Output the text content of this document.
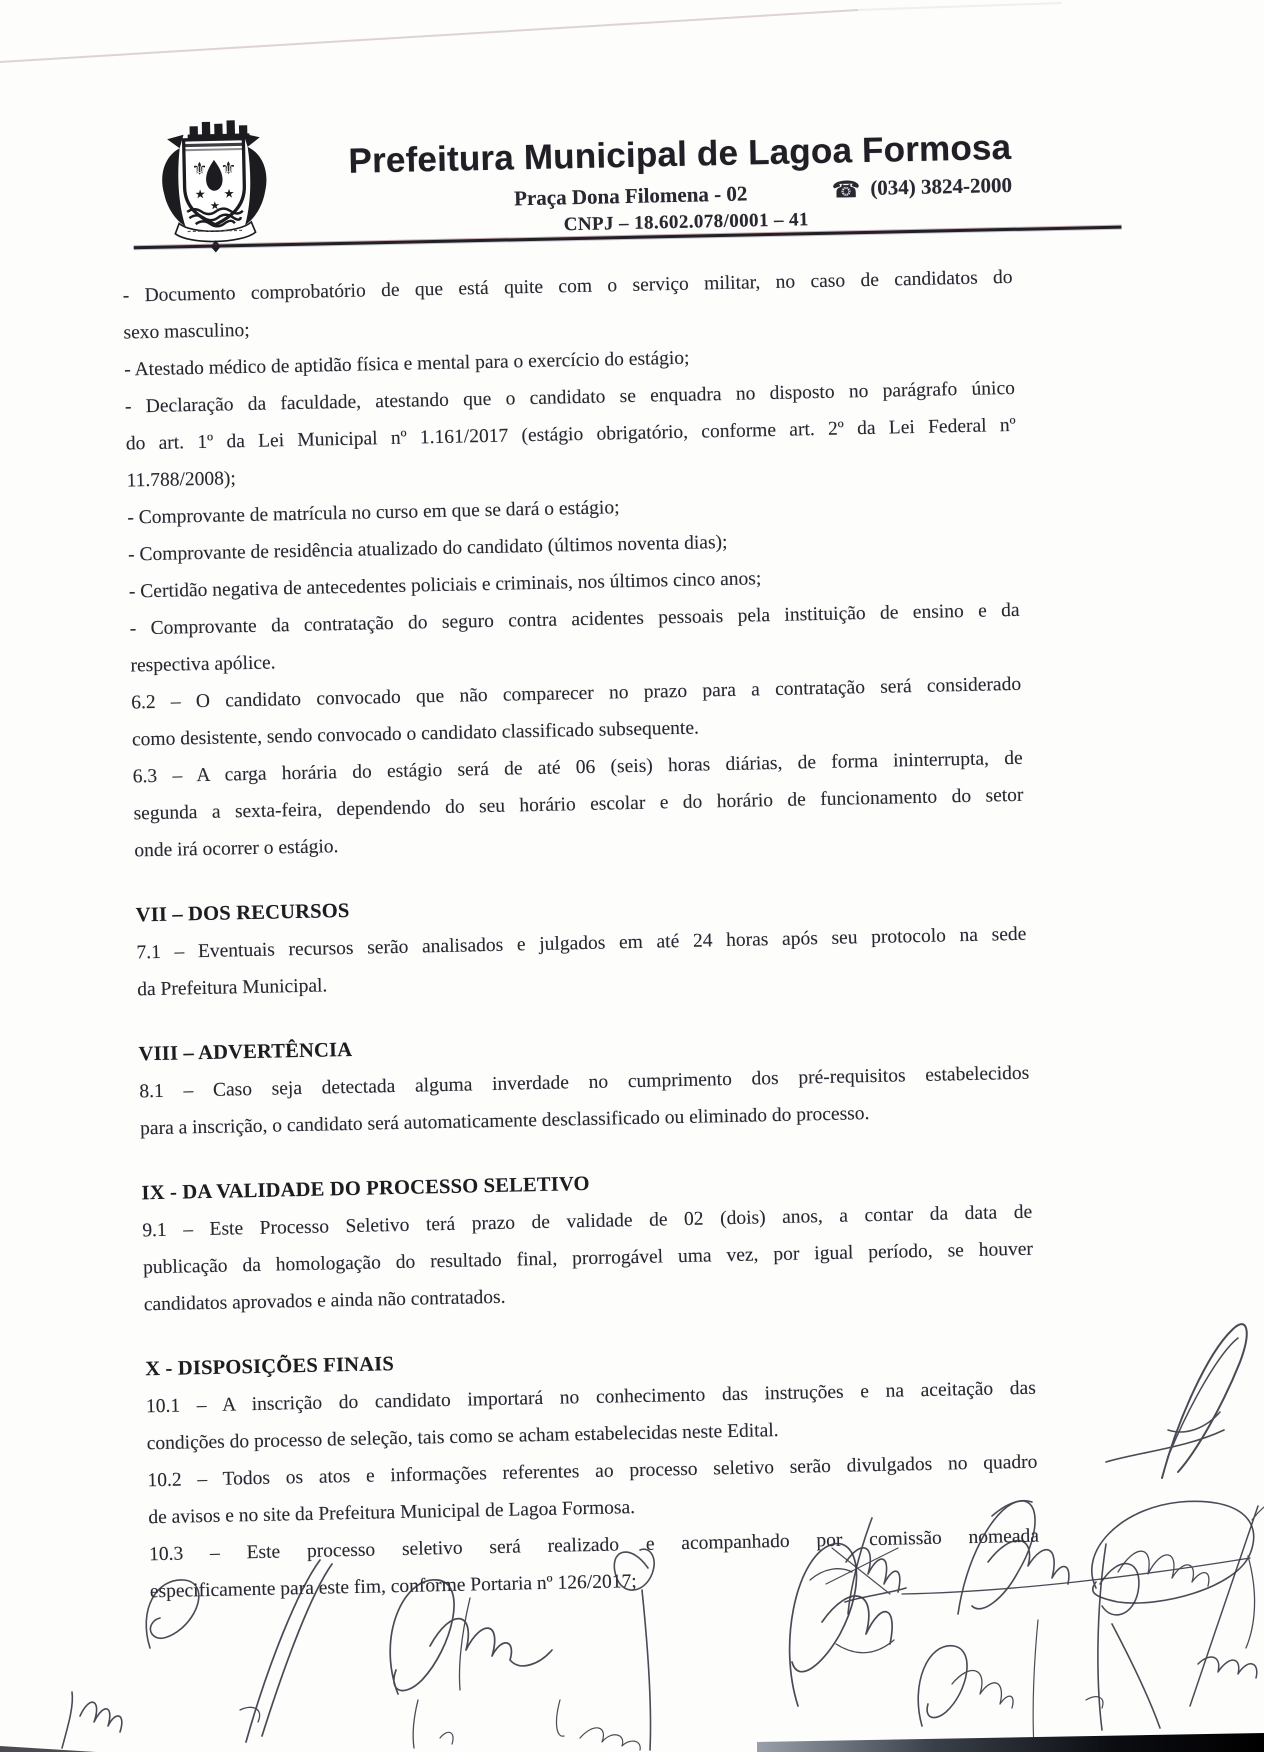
⚜ ⚜
★ ★
★
Prefeitura Municipal de Lagoa Formosa
Praça Dona Filomena - 02	☎ (034) 3824-2000
CNPJ – 18.602.078/0001 – 41
- Documento comprobatório de que está quite com o serviço militar, no caso de candidatos do
sexo masculino;
- Atestado médico de aptidão física e mental para o exercício do estágio;
- Declaração da faculdade, atestando que o candidato se enquadra no disposto no parágrafo único
do art. 1º da Lei Municipal nº 1.161/2017 (estágio obrigatório, conforme art. 2º da Lei Federal nº
11.788/2008);
- Comprovante de matrícula no curso em que se dará o estágio;
- Comprovante de residência atualizado do candidato (últimos noventa dias);
- Certidão negativa de antecedentes policiais e criminais, nos últimos cinco anos;
- Comprovante da contratação do seguro contra acidentes pessoais pela instituição de ensino e da
respectiva apólice.
6.2 – O candidato convocado que não comparecer no prazo para a contratação será considerado
como desistente, sendo convocado o candidato classificado subsequente.
6.3 – A carga horária do estágio será de até 06 (seis) horas diárias, de forma ininterrupta, de
segunda a sexta-feira, dependendo do seu horário escolar e do horário de funcionamento do setor
onde irá ocorrer o estágio.
VII – DOS RECURSOS
7.1 – Eventuais recursos serão analisados e julgados em até 24 horas após seu protocolo na sede
da Prefeitura Municipal.
VIII – ADVERTÊNCIA
8.1 – Caso seja detectada alguma inverdade no cumprimento dos pré-requisitos estabelecidos
para a inscrição, o candidato será automaticamente desclassificado ou eliminado do processo.
IX - DA VALIDADE DO PROCESSO SELETIVO
9.1 – Este Processo Seletivo terá prazo de validade de 02 (dois) anos, a contar da data de
publicação da homologação do resultado final, prorrogável uma vez, por igual período, se houver
candidatos aprovados e ainda não contratados.
X - DISPOSIÇÕES FINAIS
10.1 – A inscrição do candidato importará no conhecimento das instruções e na aceitação das
condições do processo de seleção, tais como se acham estabelecidas neste Edital.
10.2 – Todos os atos e informações referentes ao processo seletivo serão divulgados no quadro
de avisos e no site da Prefeitura Municipal de Lagoa Formosa.
10.3 – Este processo seletivo será realizado e acompanhado por comissão nomeada
especificamente para este fim, conforme Portaria nº 126/2017;
